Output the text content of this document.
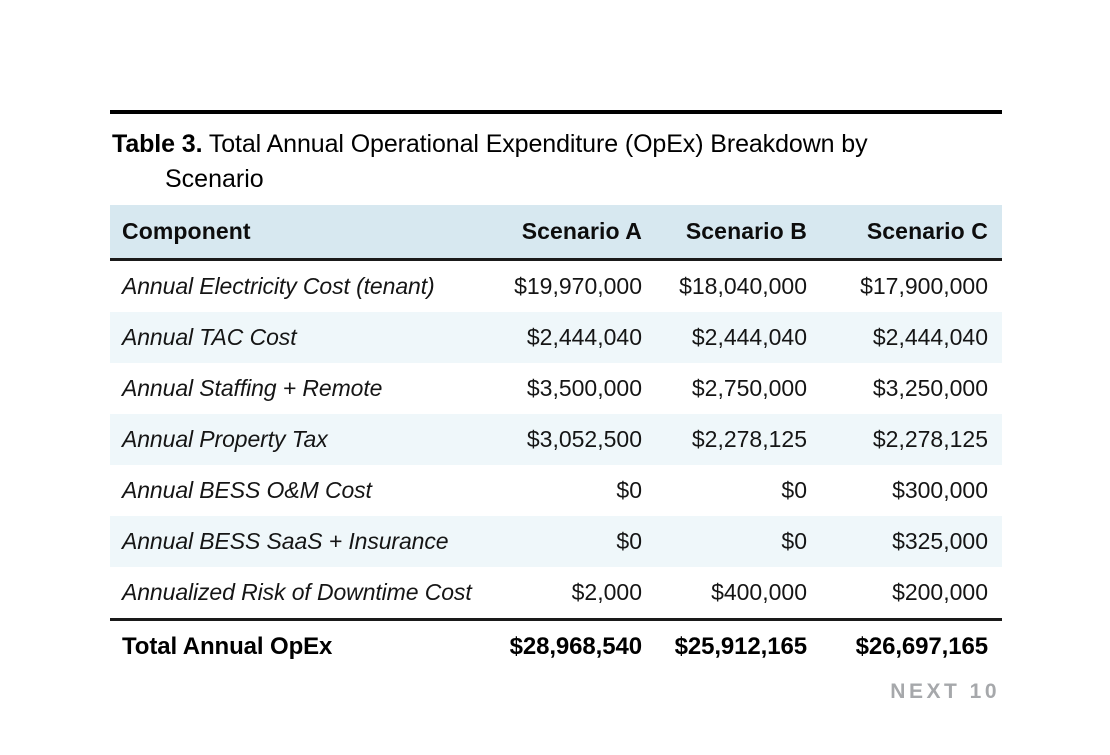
Table 3. Total Annual Operational Expenditure (OpEx) Breakdown by
Scenario
Component	Scenario A	Scenario B	Scenario C
Annual Electricity Cost (tenant)	$19,970,000	$18,040,000	$17,900,000
Annual TAC Cost	$2,444,040	$2,444,040	$2,444,040
Annual Staffing + Remote	$3,500,000	$2,750,000	$3,250,000
Annual Property Tax	$3,052,500	$2,278,125	$2,278,125
Annual BESS O&M Cost	$0	$0	$300,000
Annual BESS SaaS + Insurance	$0	$0	$325,000
Annualized Risk of Downtime Cost	$2,000	$400,000	$200,000
Total Annual OpEx	$28,968,540	$25,912,165	$26,697,165
NEXT 10
